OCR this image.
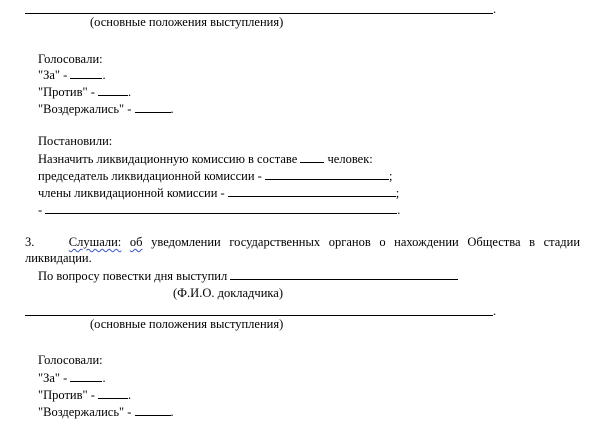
.
(основные положения выступления)
Голосовали:
"За" -	.
"Против" - .
"Воздержались" -	.
Постановили:
Назначить ликвидационную комиссию в составе  человек:
председатель ликвидационной комиссии -	;
члены ликвидационной комиссии -	;
-	.
3.	Слушали: об уведомлении государственных органов о нахождении Общества в стадии
ликвидации.
По вопросу повестки дня выступил
(Ф.И.О. докладчика)
.
(основные положения выступления)
Голосовали:
"За" -	.
"Против" - .
"Воздержались" -	.
